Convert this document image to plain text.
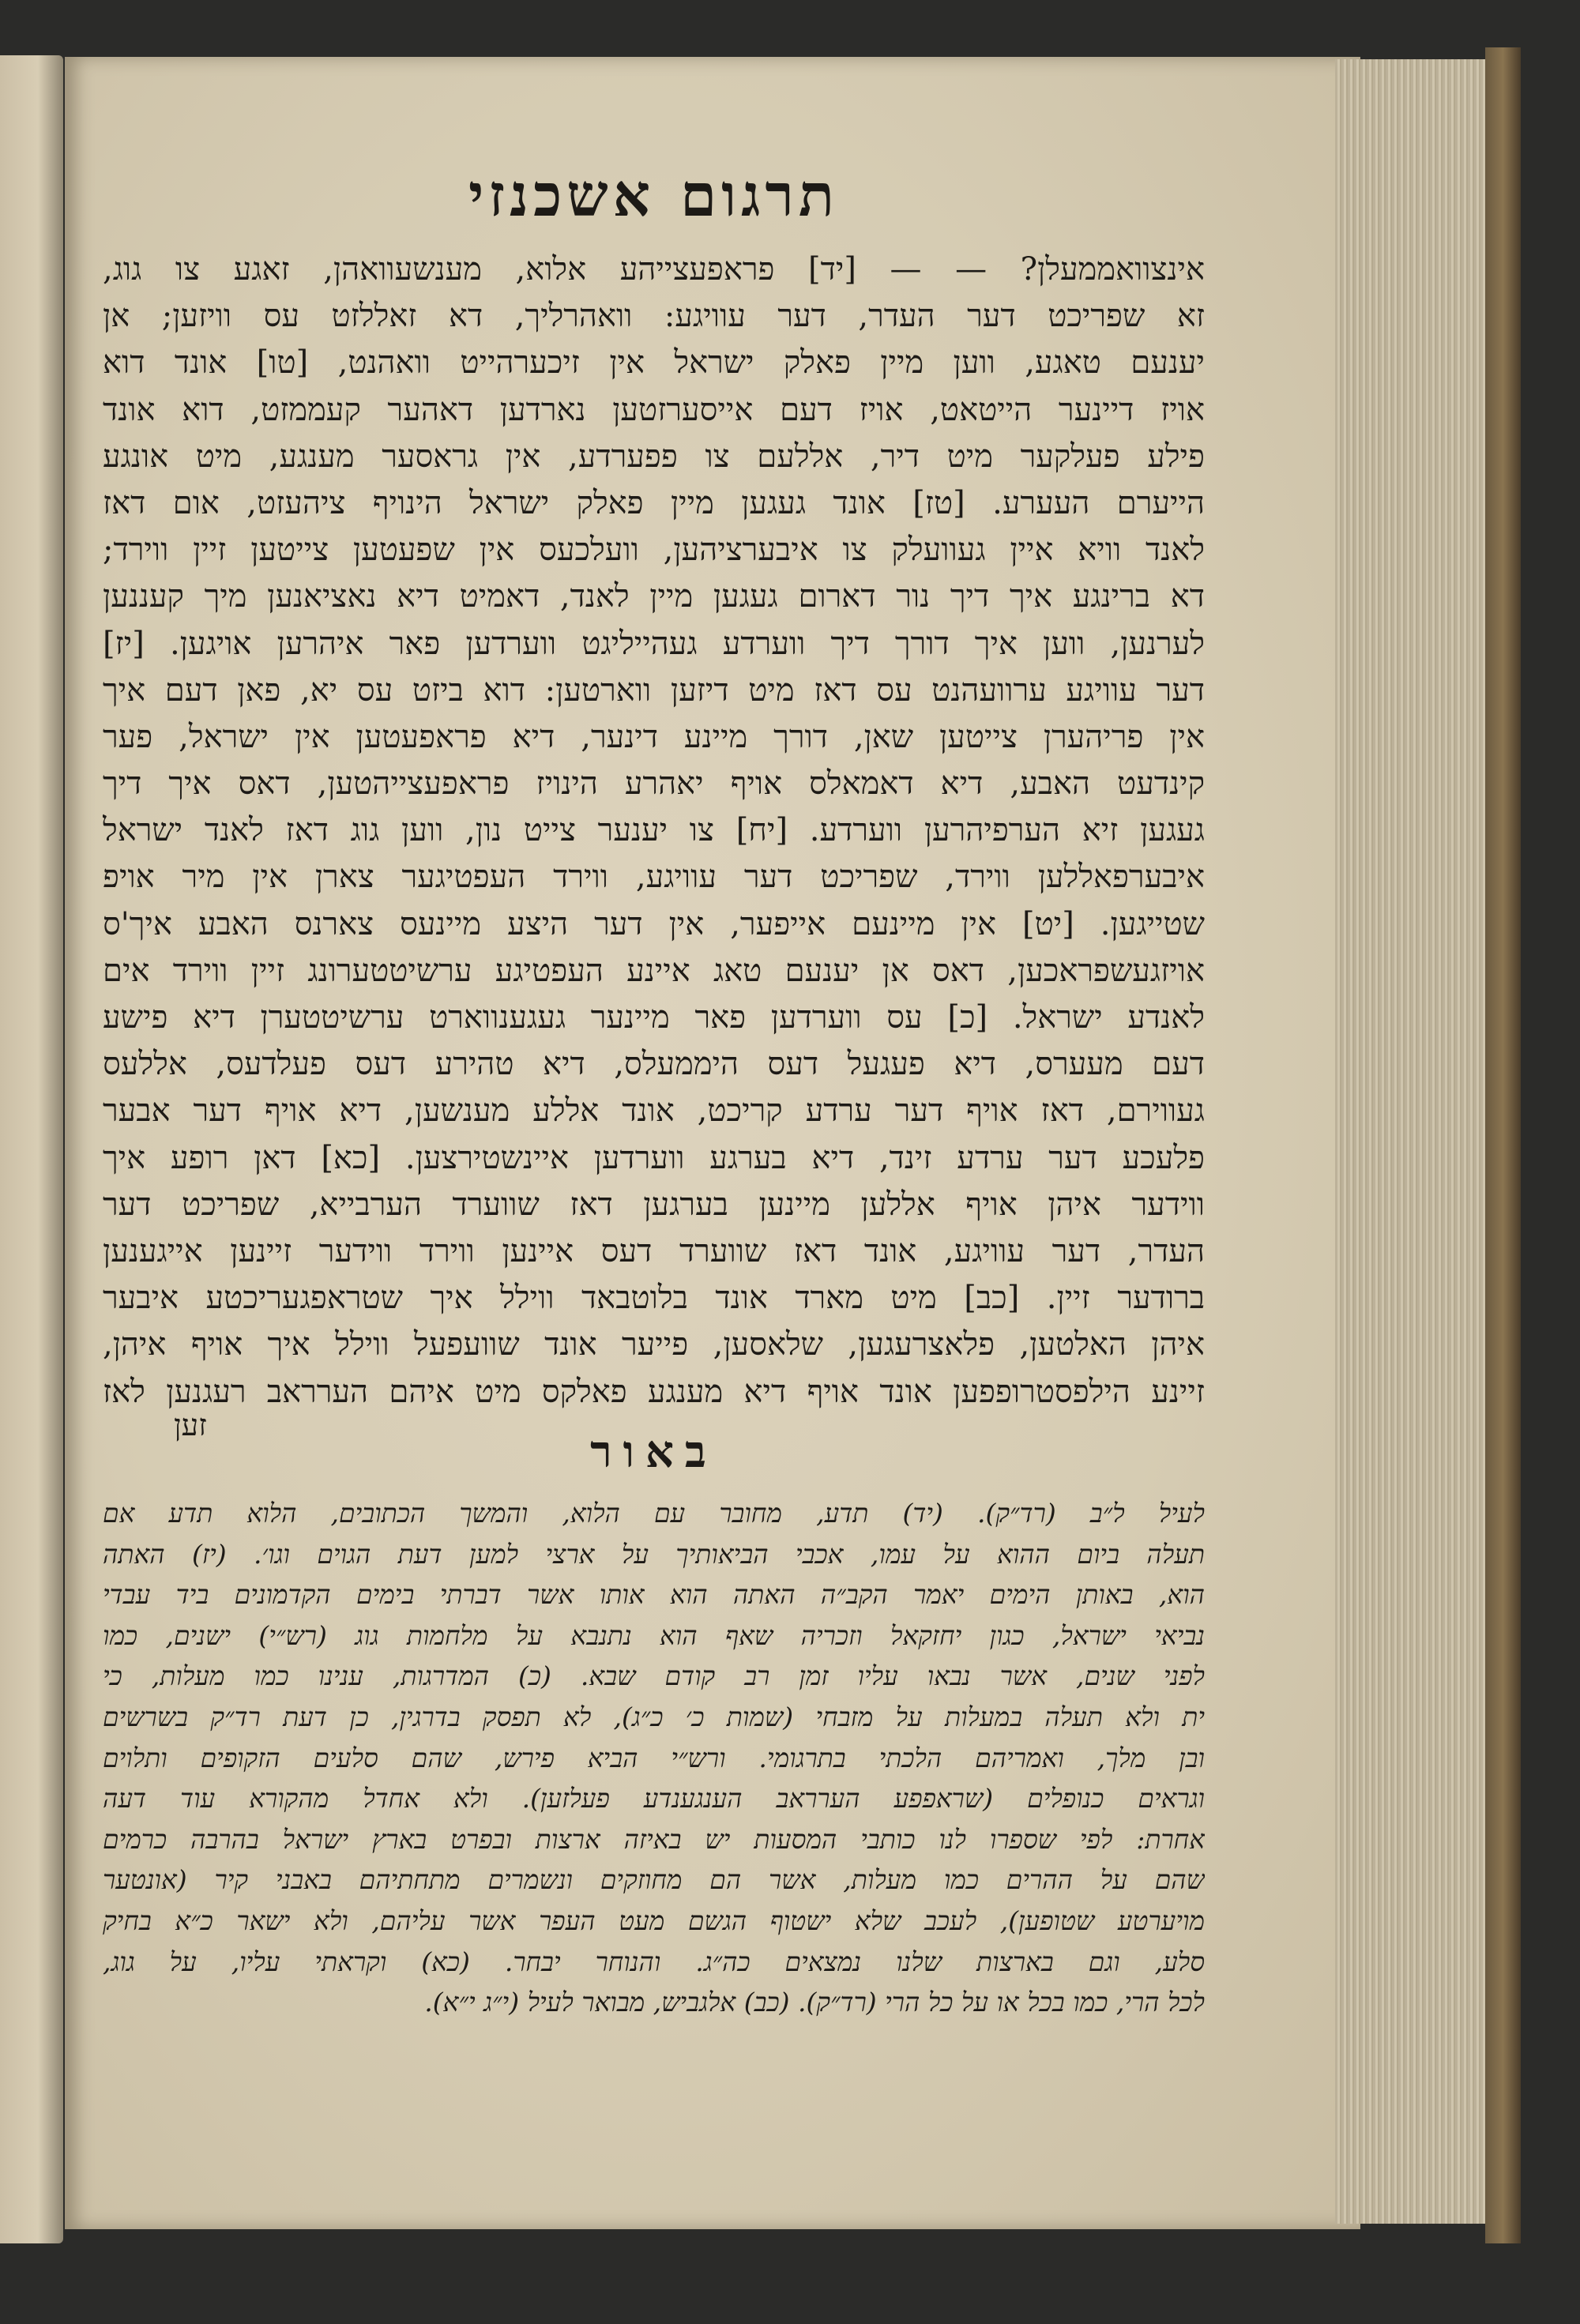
תרגום אשכנזי
אינצוואממעלן? — — [יד] פראפעצייהע אלוא, מענשעוואהן, זאגע צו גוג,
זא שפריכט דער העדר, דער עוויגע: וואהרליך, דא זאללזט עס וויזען; אן
יענעם טאגע, ווען מיין פאלק ישראל אין זיכערהייט וואהנט, [טו] אונד דוא
אויז דיינער הייטאט, אויז דעם אייסערזטען נארדען דאהער קעממזט, דוא אונד
פילע פעלקער מיט דיר, אללעם צו פפערדע, אין גראסער מענגע, מיט אונגע
הייערם העערע. [טז] אונד געגען מיין פאלק ישראל הינויף ציהעזט, אום דאז
לאנד וויא איין געוועלק צו איבערציהען, וועלכעס אין שפעטען צייטען זיין ווירד;
דא ברינגע איך דיך נור דארום געגען מיין לאנד, דאמיט דיא נאציאנען מיך קעננען
לערנען, ווען איך דורך דיך ווערדע געהייליגט ווערדען פאר איהרען אויגען. [יז]
דער עוויגע ערוועהנט עס דאז מיט דיזען ווארטען: דוא ביזט עס יא, פאן דעם איך
אין פריהערן צייטען שאן, דורך מיינע דינער, דיא פראפעטען אין ישראל, פער
קינדעט האבע, דיא דאמאלס אויף יאהרע הינויז פראפעצייהטען, דאס איך דיך
געגען זיא הערפיהרען ווערדע. [יח] צו יענער צייט נון, ווען גוג דאז לאנד ישראל
איבערפאללען ווירד, שפריכט דער עוויגע, ווירד העפטיגער צארן אין מיר אויפ
שטייגען. [יט] אין מיינעם אייפער, אין דער היצע מיינעס צארנס האבע איך'ס
אויזגעשפראכען, דאס אן יענעם טאג איינע העפטיגע ערשיטטערונג זיין ווירד אים
לאנדע ישראל. [כ] עס ווערדען פאר מיינער געגענווארט ערשיטטערן דיא פישע
דעם מעערס, דיא פעגעל דעס היממעלס, דיא טהירע דעס פעלדעס, אללעס
געווירם, דאז אויף דער ערדע קריכט, אונד אללע מענשען, דיא אויף דער אבער
פלעכע דער ערדע זינד, דיא בערגע ווערדען איינשטירצען. [כא] דאן רופע איך
ווידער איהן אויף אללען מיינען בערגען דאז שווערד הערבייא, שפריכט דער
העדר, דער עוויגע, אונד דאז שווערד דעס איינען ווירד ווידער זיינען אייגענען
ברודער זיין. [כב] מיט מארד אונד בלוטבאד ווילל איך שטראפגעריכטע איבער
איהן האלטען, פלאצרעגען, שלאסען, פייער אונד שוועפעל ווילל איך אויף איהן,
זיינע הילפסטרופפען אונד אויף דיא מענגע פאלקס מיט איהם הערראב רעגנען לאז
זען
באור
לעיל ל״ב (רד״ק). (יד) תדע, מחובר עם הלוא, והמשך הכתובים, הלוא תדע אם
תעלה ביום ההוא על עמו, אכבי הביאותיך על ארצי למען דעת הגוים וגו׳. (יז) האתה
הוא, באותן הימים יאמר הקב״ה האתה הוא אותו אשר דברתי בימים הקדמונים ביד עבדי
נביאי ישראל, כגון יחזקאל וזכריה שאף הוא נתנבא על מלחמות גוג (רש״י) ישנים, כמו
לפני שנים, אשר נבאו עליו זמן רב קודם שבא. (כ) המדרגות, ענינו כמו מעלות, כי
ית ולא תעלה במעלות על מזבחי (שמות כ׳ כ״ג), לא תפסק בדרגין, כן דעת רד״ק בשרשים
ובן מלך, ואמריהם הלכתי בתרגומי. ורש״י הביא פירש, שהם סלעים הזקופים ותלוים
וגראים כנופלים (שראפפע הערראב הענגענדע פעלזען). ולא אחדל מהקורא עוד דעה
אחרת: לפי שספרו לנו כותבי המסעות יש באיזה ארצות ובפרט בארץ ישראל בהרבה כרמים
שהם על ההרים כמו מעלות, אשר הם מחוזקים ונשמרים מתחתיהם באבני קיר (אונטער
מויערטע שטופען), לעכב שלא ישטוף הגשם מעט העפר אשר עליהם, ולא ישאר כ״א בחיק
סלע, וגם בארצות שלנו נמצאים כה״ג. והנוחר יבחר. (כא) וקראתי עליו, על גוג,
לכל הרי, כמו בכל או על כל הרי (רד״ק). (כב) אלגביש, מבואר לעיל (י״ג י״א).
